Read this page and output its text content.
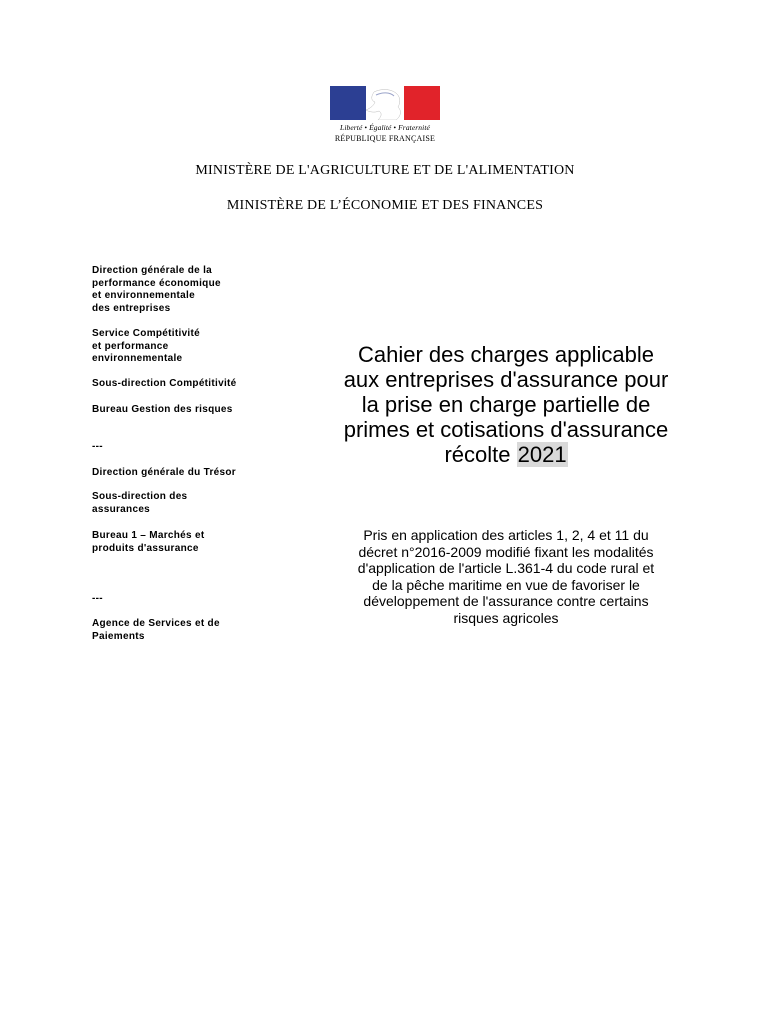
Liberté • Égalité • Fraternité
RÉPUBLIQUE FRANÇAISE
MINISTÈRE DE L'AGRICULTURE ET DE L'ALIMENTATION
MINISTÈRE DE L’ÉCONOMIE ET DES FINANCES
Direction générale de la
performance économique
et environnementale
des entreprises
Service Compétitivité
et performance
environnementale
Sous-direction Compétitivité
Bureau Gestion des risques
---
Direction générale du Trésor
Sous-direction des
assurances
Bureau 1 – Marchés et
produits d'assurance
---
Agence de Services et de
Paiements
Cahier des charges applicable
aux entreprises d'assurance pour
la prise en charge partielle de
primes et cotisations d'assurance
récolte 2021
Pris en application des articles 1, 2, 4 et 11 du
décret n°2016-2009 modifié fixant les modalités
d'application de l'article L.361-4 du code rural et
de la pêche maritime en vue de favoriser le
développement de l'assurance contre certains
risques agricoles
